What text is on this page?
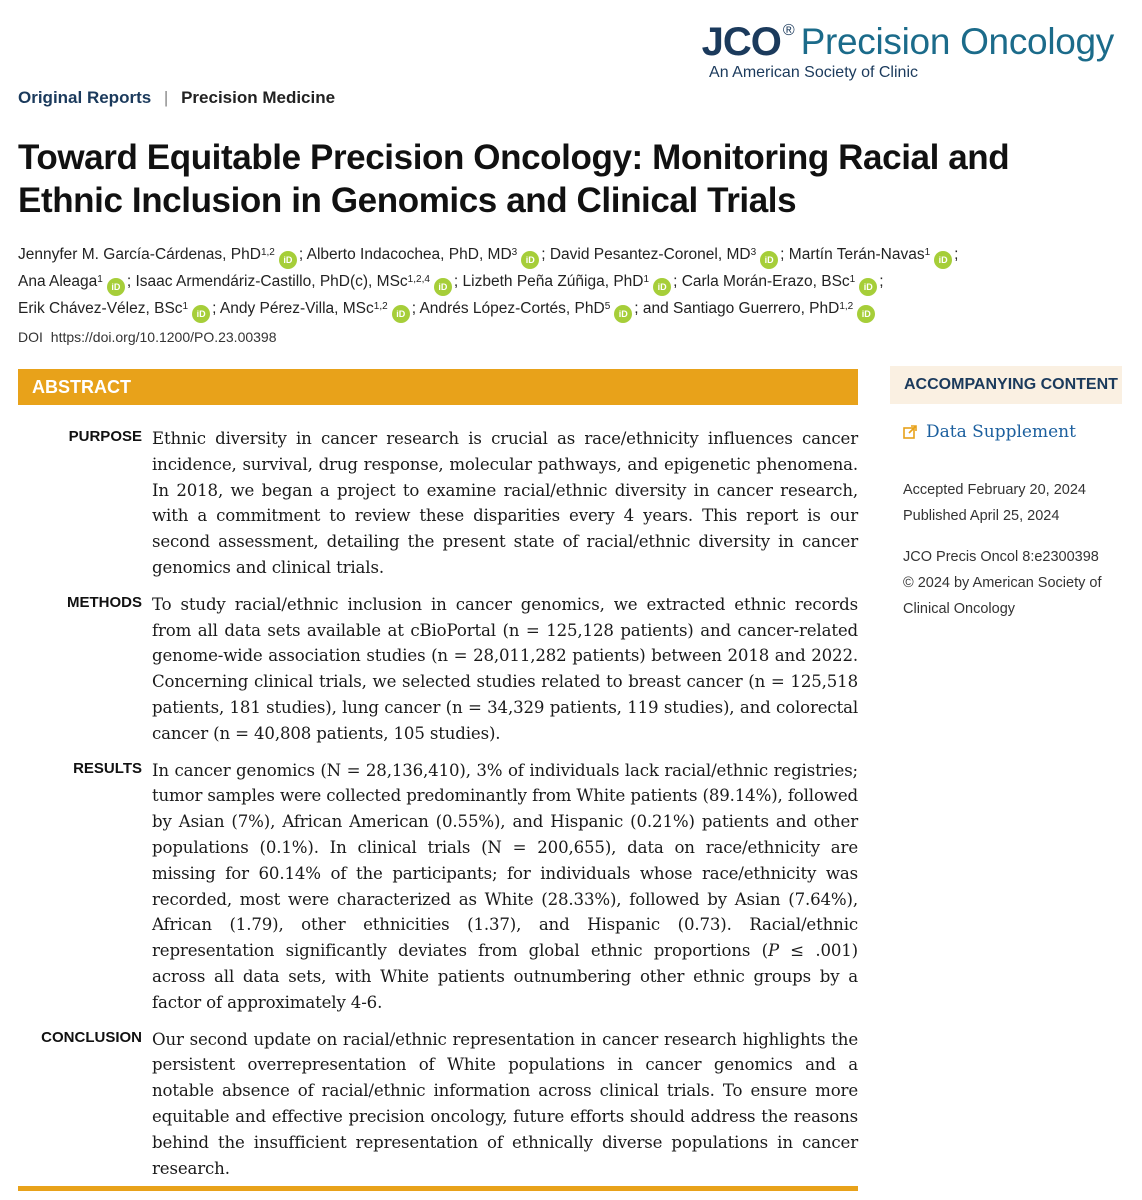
JCO ® Precision Oncology
An American Society of Clinic
Original Reports | Precision Medicine
Toward Equitable Precision Oncology: Monitoring Racial and Ethnic Inclusion in Genomics and Clinical Trials
Jennyfer M. García-Cárdenas, PhD$^{1,2}$iD ; Alberto Indacochea, PhD, $MD^3iD$ ; David Pesantez-Coronel, $MD^3iD$ ; Martín Terán-Navas$^1$iD ;
Ana Aleaga$^1$iD ; Isaac Armendáriz-Castillo, PhD(c), MSc$^{1,2,4}$iD ; Lizbeth Peña Zúñiga, PhD$^1$iD ; Carla Morán-Erazo, BSc$^1$iD ;
Erik Chávez-Vélez, BSc$^1$iD ; Andy Pérez-Villa, MSc$^{1,2}$iD ; Andrés López-Cortés, PhD$^5$iD ; and Santiago Guerrero, PhD$^{1,2}$iD
DOI https://doi.org/10.1200/PO.23.00398
ABSTRACT
PURPOSE Ethnic diversity in cancer research is crucial as race/ethnicity influences cancer incidence, survival, drug response, molecular pathways, and epigenetic phenomena. In 2018, we began a project to examine racial/ethnic diversity in cancer research, with a commitment to review these disparities every 4 years. This report is our second assessment, detailing the present state of racial/ethnic diversity in cancer genomics and clinical trials.
METHODS To study racial/ethnic inclusion in cancer genomics, we extracted ethnic records from all data sets available at cBioPortal (n = 125,128 patients) and cancer-related genome-wide association studies (n = 28,011,282 patients) between 2018 and 2022. Concerning clinical trials, we selected studies related to breast cancer (n = 125,518 patients, 181 studies), lung cancer (n = 34,329 patients, 119 studies), and colorectal cancer (n = 40,808 patients, 105 studies).
RESULTS In cancer genomics (N = 28,136,410), 3% of individuals lack racial/ethnic registries; tumor samples were collected predominantly from White patients (89.14%), followed by Asian (7%), African American (0.55%), and Hispanic (0.21%) patients and other populations (0.1%). In clinical trials (N = 200,655), data on race/ethnicity are missing for 60.14% of the participants; for individuals whose race/ethnicity was recorded, most were characterized as White (28.33%), followed by Asian (7.64%), African (1.79), other ethnicities (1.37), and Hispanic (0.73). Racial/ethnic representation significantly deviates from global ethnic proportions (P ≤ .001) across all data sets, with White patients outnumbering other ethnic groups by a factor of approximately 4-6.
CONCLUSION Our second update on racial/ethnic representation in cancer research highlights the persistent overrepresentation of White populations in cancer genomics and a notable absence of racial/ethnic information across clinical trials. To ensure more equitable and effective precision oncology, future efforts should address the reasons behind the insufficient representation of ethnically diverse populations in cancer research.
ACCOMPANYING CONTENT
Data Supplement
Accepted February 20, 2024
Published April 25, 2024
JCO Precis Oncol 8:e2300398
© 2024 by American Society of
Clinical Oncology
